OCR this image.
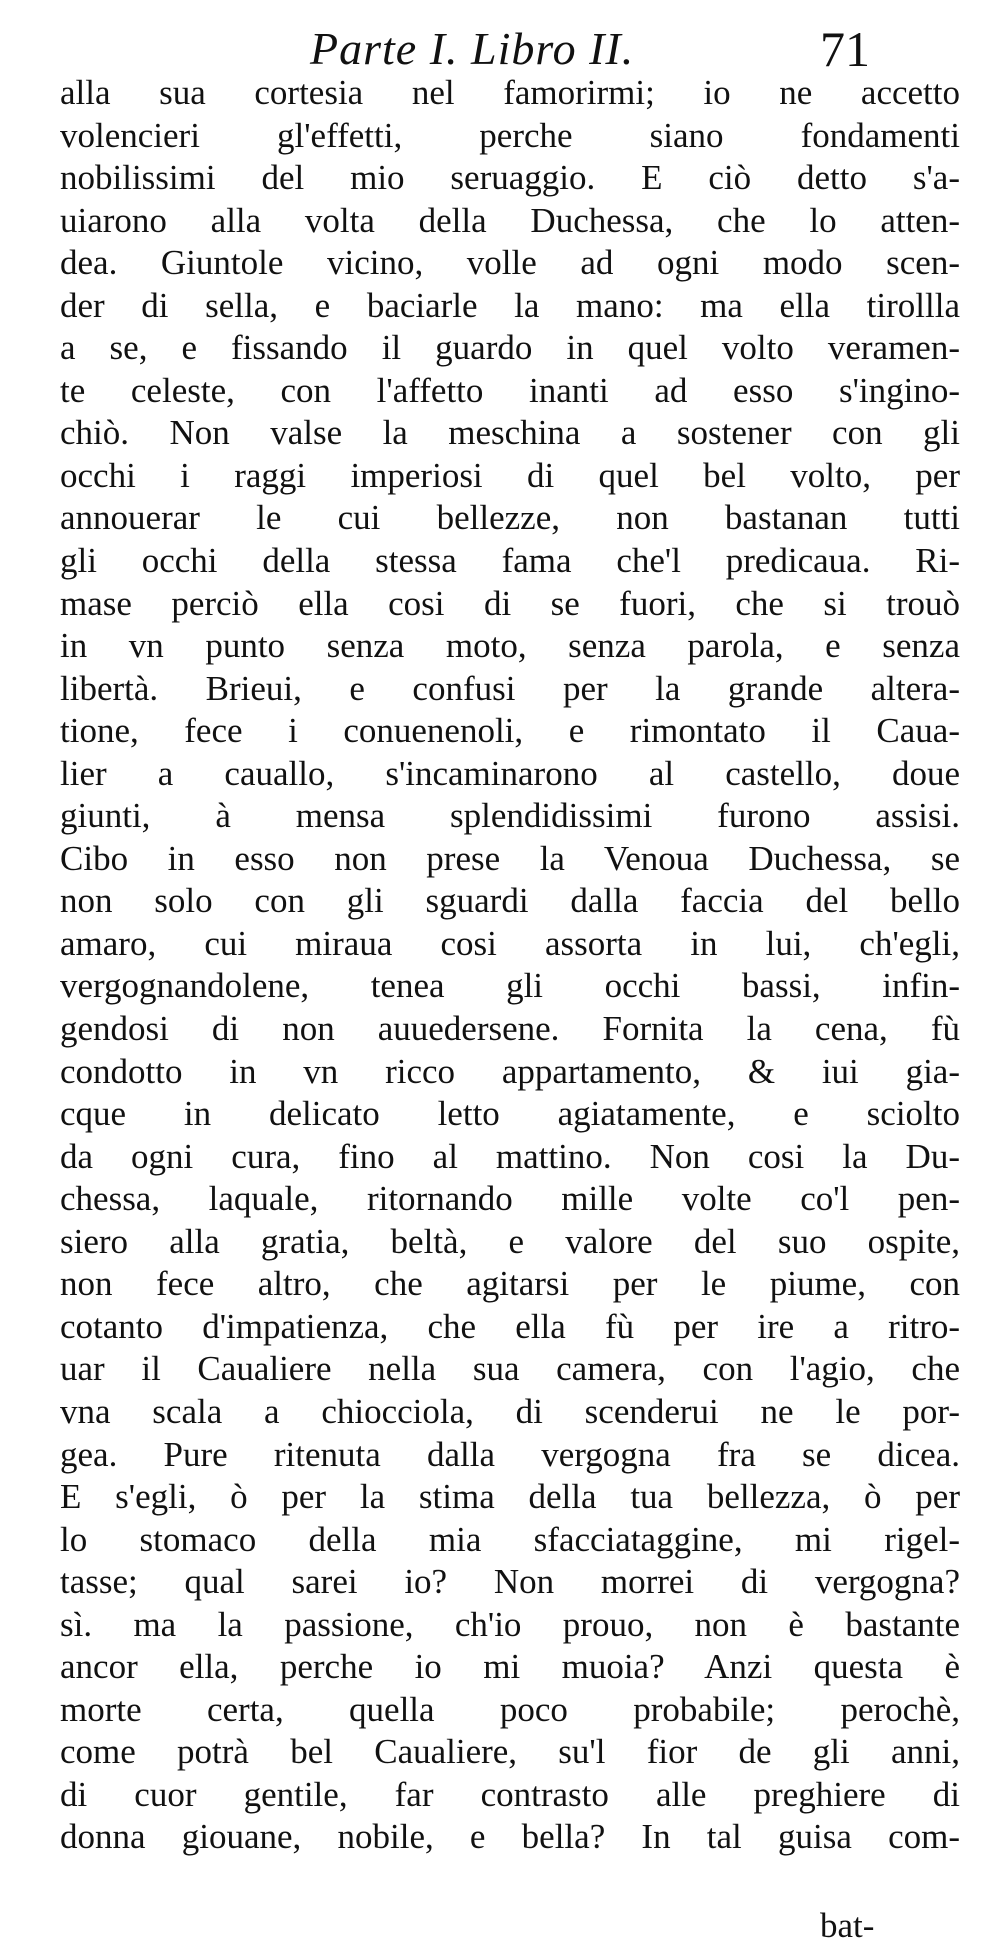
Parte I. Libro II.	71
alla sua cortesia nel famorirmi; io ne accetto
volencieri gl'effetti, perche siano fondamenti
nobilissimi del mio seruaggio. E ciò detto s'a-
uiarono alla volta della Duchessa, che lo atten-
dea. Giuntole vicino, volle ad ogni modo scen-
der di sella, e baciarle la mano: ma ella tirollla
a se, e fissando il guardo in quel volto veramen-
te celeste, con l'affetto inanti ad esso s'ingino-
chiò. Non valse la meschina a sostener con gli
occhi i raggi imperiosi di quel bel volto, per
annouerar le cui bellezze, non bastanan tutti
gli occhi della stessa fama che'l predicaua. Ri-
mase perciò ella cosi di se fuori, che si trouò
in vn punto senza moto, senza parola, e senza
libertà. Brieui, e confusi per la grande altera-
tione, fece i conuenenoli, e rimontato il Caua-
lier a cauallo, s'incaminarono al castello, doue
giunti, à mensa splendidissimi furono assisi.
Cibo in esso non prese la Venoua Duchessa, se
non solo con gli sguardi dalla faccia del bello
amaro, cui miraua cosi assorta in lui, ch'egli,
vergognandolene, tenea gli occhi bassi, infin-
gendosi di non auuedersene. Fornita la cena, fù
condotto in vn ricco appartamento, & iui gia-
cque in delicato letto agiatamente, e sciolto
da ogni cura, fino al mattino. Non cosi la Du-
chessa, laquale, ritornando mille volte co'l pen-
siero alla gratia, beltà, e valore del suo ospite,
non fece altro, che agitarsi per le piume, con
cotanto d'impatienza, che ella fù per ire a ritro-
uar il Caualiere nella sua camera, con l'agio, che
vna scala a chiocciola, di scenderui ne le por-
gea. Pure ritenuta dalla vergogna fra se dicea.
E s'egli, ò per la stima della tua bellezza, ò per
lo stomaco della mia sfacciataggine, mi rigel-
tasse; qual sarei io? Non morrei di vergogna?
sì. ma la passione, ch'io prouo, non è bastante
ancor ella, perche io mi muoia? Anzi questa è
morte certa, quella poco probabile; perochè,
come potrà bel Caualiere, su'l fior de gli anni,
di cuor gentile, far contrasto alle preghiere di
donna giouane, nobile, e bella? In tal guisa com-
bat-
